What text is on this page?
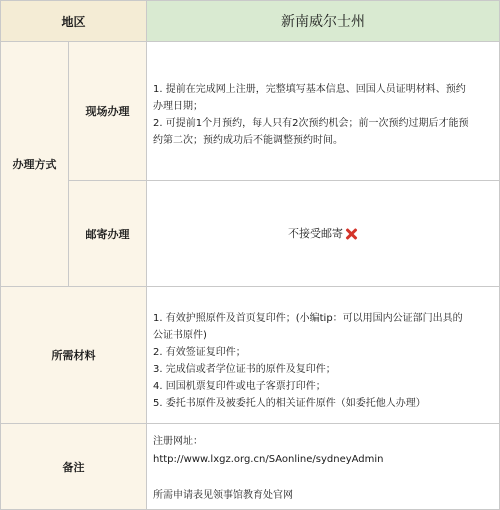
地区	新南威尔士州
办理方式
现场办理
邮寄办理
所需材料
备注
1. 提前在完成网上注册，完整填写基本信息、回国人员证明材料、预约
办理日期；
2. 可提前1个月预约，每人只有2次预约机会；前一次预约过期后才能预
约第二次；预约成功后不能调整预约时间。
不接受邮寄
1. 有效护照原件及首页复印件；(小编tip：可以用国内公证部门出具的
公证书原件)
2. 有效签证复印件；
3. 完成信或者学位证书的原件及复印件；
4. 回国机票复印件或电子客票打印件；
5. 委托书原件及被委托人的相关证件原件（如委托他人办理）
注册网址：
http://www.lxgz.org.cn/SAonline/sydneyAdmin
所需申请表见领事馆教育处官网
